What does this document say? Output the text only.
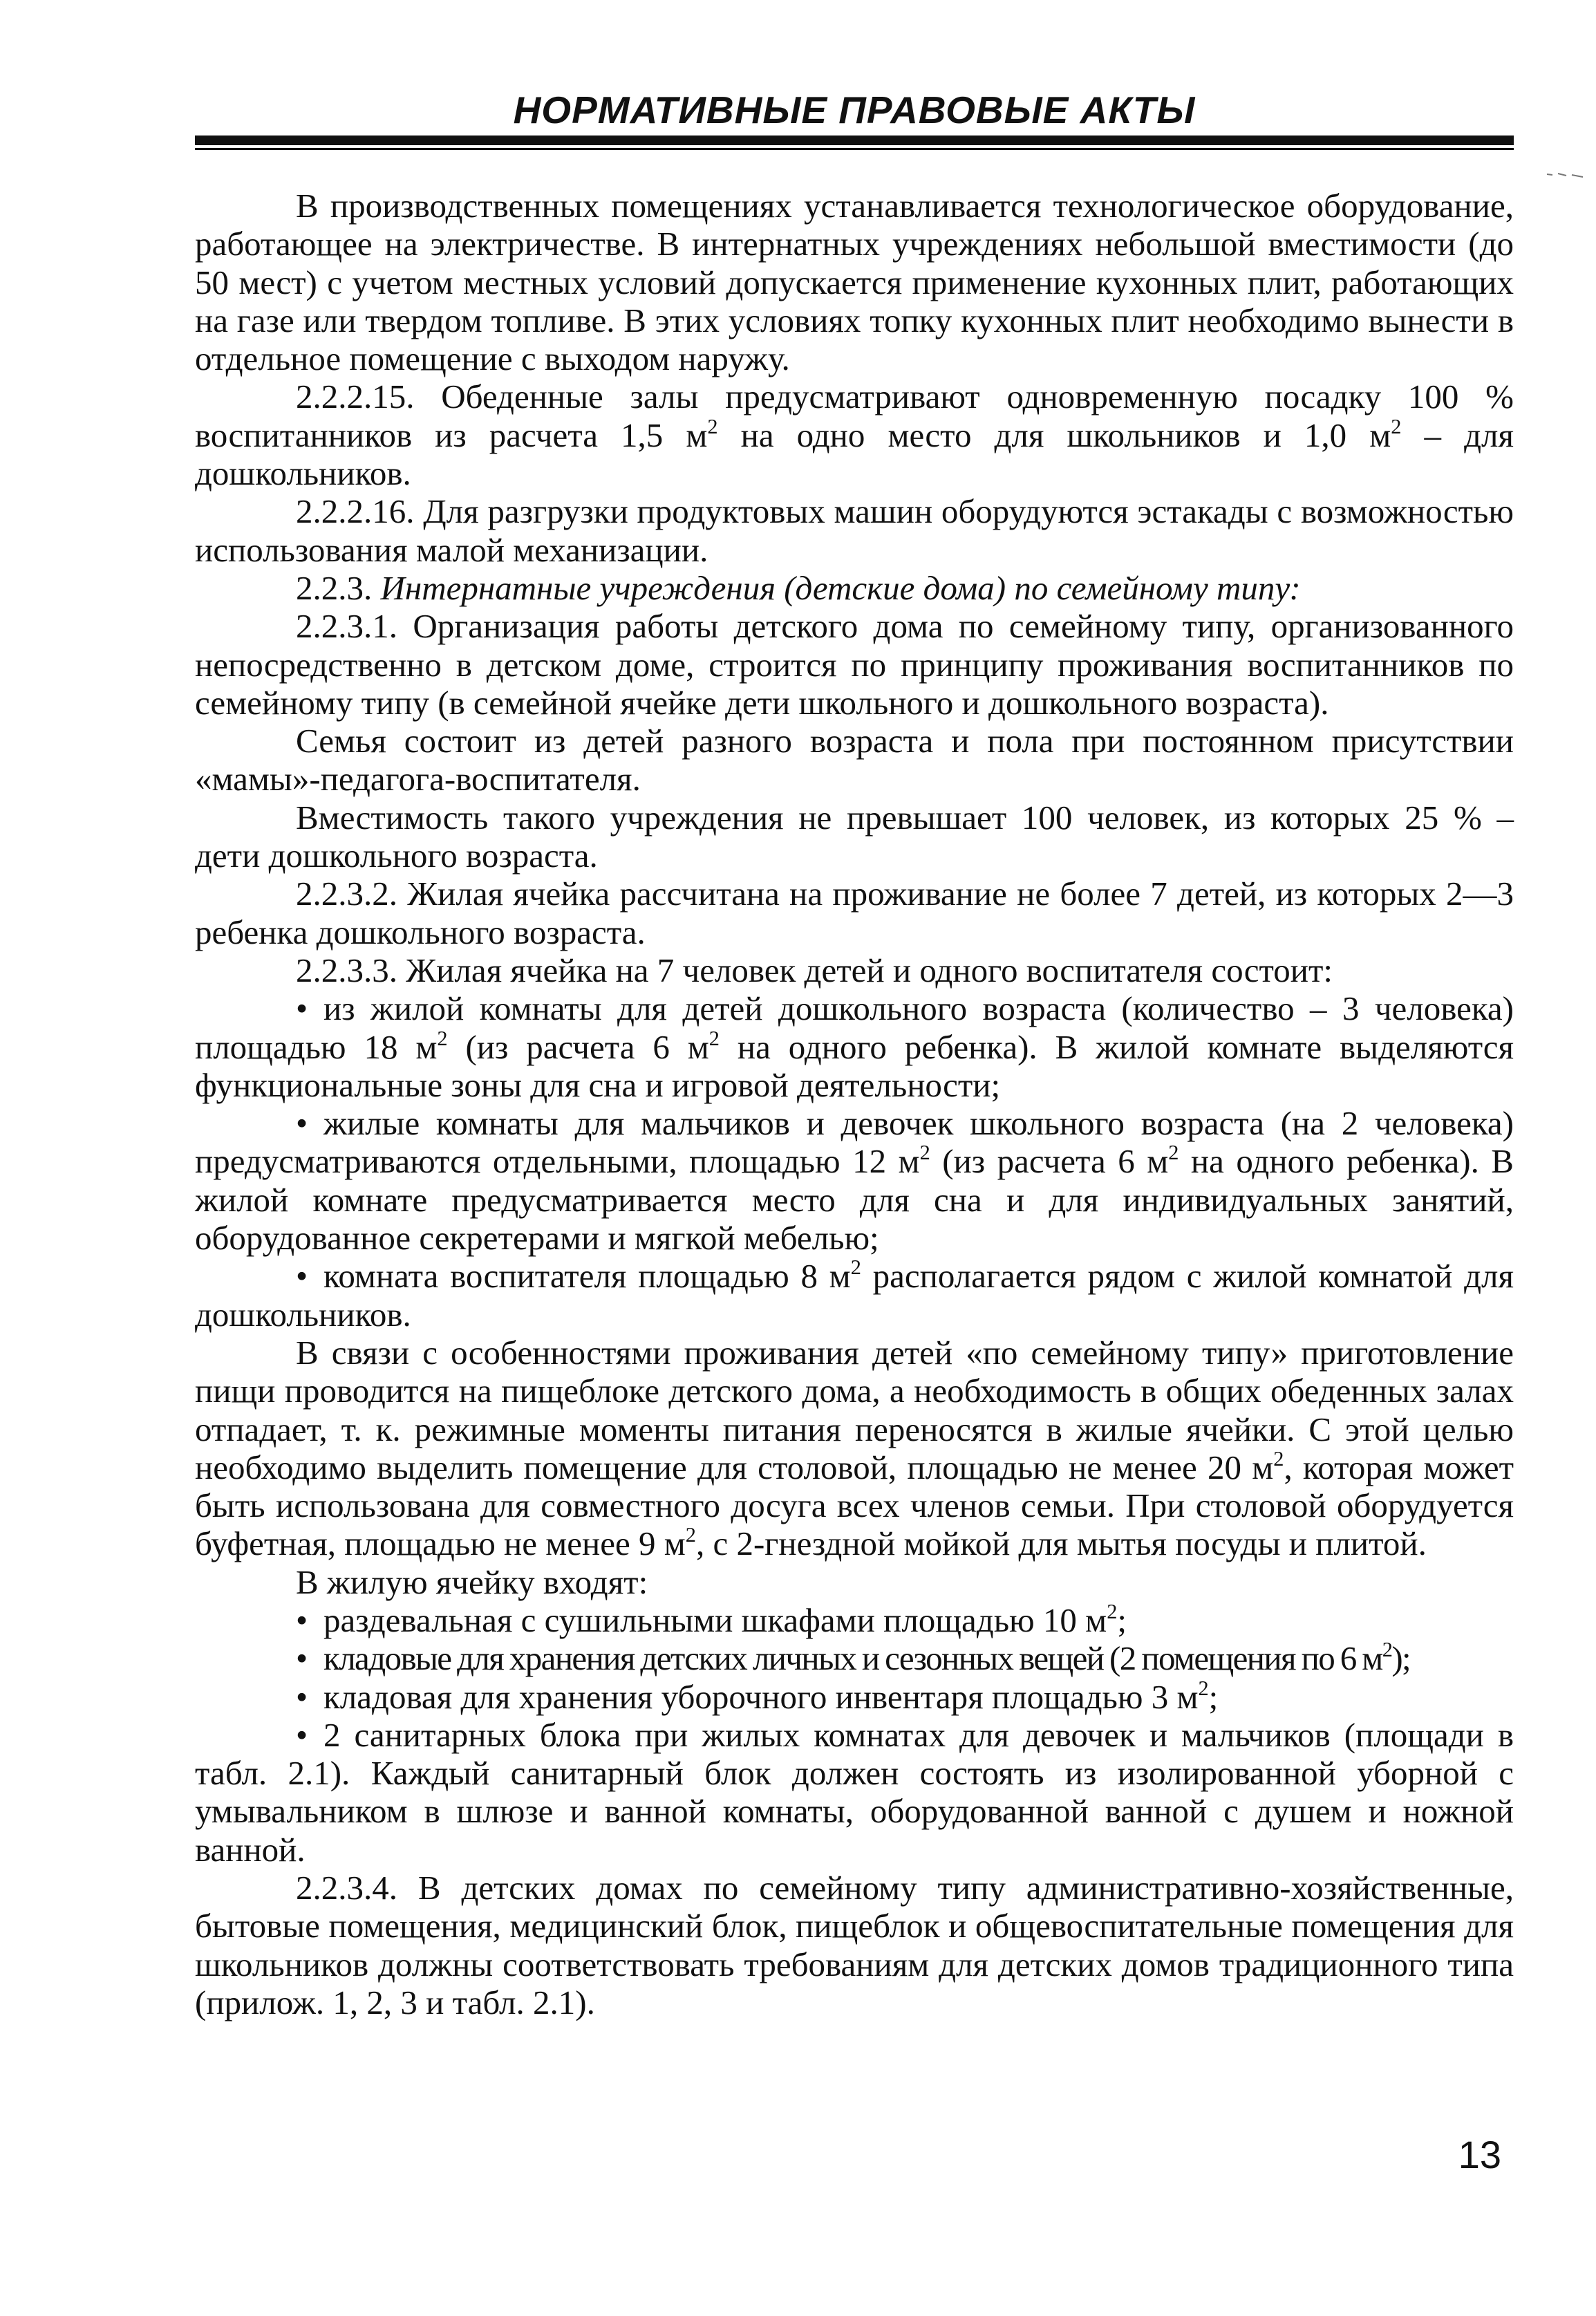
НОРМАТИВНЫЕ ПРАВОВЫЕ АКТЫ

В производственных помещениях устанавливается технологическое оборудование, работающее на электричестве. В интернатных учреждениях небольшой вместимости (до 50 мест) с учетом местных условий допускается применение кухонных плит, работающих на газе или твердом топливе. В этих условиях топку кухонных плит необходимо вынести в отдельное помещение с выходом наружу.

2.2.2.15. Обеденные залы предусматривают одновременную посадку 100 % воспитанников из расчета 1,5 $м^2$ на одно место для школьников и 1,0 $м^2$ – для дошкольников.

2.2.2.16. Для разгрузки продуктовых машин оборудуются эстакады с возможностью использования малой механизации.

2.2.3. Интернатные учреждения (детские дома) по семейному типу:

2.2.3.1. Организация работы детского дома по семейному типу, организованного непосредственно в детском доме, строится по принципу проживания воспитанников по семейному типу (в семейной ячейке дети школьного и дошкольного возраста).

Семья состоит из детей разного возраста и пола при постоянном присутствии «мамы»-педагога-воспитателя.

Вместимость такого учреждения не превышает 100 человек, из которых 25 % – дети дошкольного возраста.

2.2.3.2. Жилая ячейка рассчитана на проживание не более 7 детей, из которых 2—3 ребенка дошкольного возраста.

2.2.3.3. Жилая ячейка на 7 человек детей и одного воспитателя состоит:

• из жилой комнаты для детей дошкольного возраста (количество – 3 человека) площадью 18 $м^2$ (из расчета 6 $м^2$ на одного ребенка). В жилой комнате выделяются функциональные зоны для сна и игровой деятельности;

• жилые комнаты для мальчиков и девочек школьного возраста (на 2 человека) предусматриваются отдельными, площадью 12 $м^2$ (из расчета 6 $м^2$ на одного ребенка). В жилой комнате предусматривается место для сна и для индивидуальных занятий, оборудованное секретерами и мягкой мебелью;

• комната воспитателя площадью 8 $м^2$ располагается рядом с жилой комнатой для дошкольников.

В связи с особенностями проживания детей «по семейному типу» приготовление пищи проводится на пищеблоке детского дома, а необходимость в общих обеденных залах отпадает, т. к. режимные моменты питания переносятся в жилые ячейки. С этой целью необходимо выделить помещение для столовой, площадью не менее 20 $м^2$, которая может быть использована для совместного досуга всех членов семьи. При столовой оборудуется буфетная, площадью не менее 9 $м^2$, с 2-гнездной мойкой для мытья посуды и плитой.

В жилую ячейку входят:

• раздевальная с сушильными шкафами площадью 10 $м^2$;

• кладовые для хранения детских личных и сезонных вещей (2 помещения по 6 $м^2$);

• кладовая для хранения уборочного инвентаря площадью 3 $м^2$;

• 2 санитарных блока при жилых комнатах для девочек и мальчиков (площади в табл. 2.1). Каждый санитарный блок должен состоять из изолированной уборной с умывальником в шлюзе и ванной комнаты, оборудованной ванной с душем и ножной ванной.

2.2.3.4. В детских домах по семейному типу административно-хозяйственные, бытовые помещения, медицинский блок, пищеблок и общевоспитательные помещения для школьников должны соответствовать требованиям для детских домов традиционного типа (прилож. 1, 2, 3 и табл. 2.1).

13
